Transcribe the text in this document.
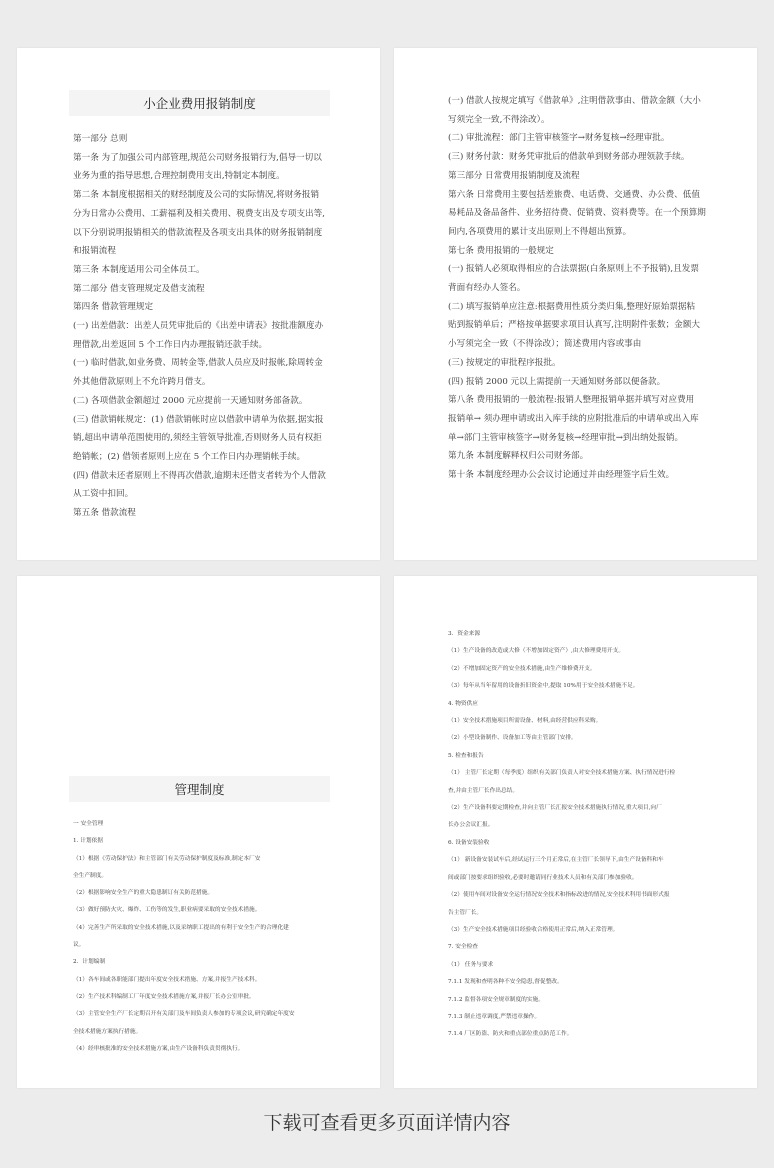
小企业费用报销制度

第一部分 总则

第一条 为了加强公司内部管理,规范公司财务报销行为,倡导一切以

业务为重的指导思想,合理控制费用支出,特制定本制度。

第二条 本制度根据相关的财经制度及公司的实际情况,将财务报销

分为日常办公费用、工薪福利及相关费用、税费支出及专项支出等,

以下分别说明报销相关的借款流程及各项支出具体的财务报销制度

和报销流程

第三条 本制度适用公司全体员工。

第二部分 借支管理规定及借支流程

第四条 借款管理规定

(一) 出差借款：出差人员凭审批后的《出差申请表》按批准额度办

理借款,出差返回 5 个工作日内办理报销还款手续。

(一) 临时借款,如业务费、周转金等,借款人员应及时报帐,除周转金

外其他借款原则上不允许跨月借支。

(二) 各项借款金额超过 2000 元应提前一天通知财务部备款。

(三) 借款销帐规定：(1) 借款销帐时应以借款申请单为依据,据实报

销,超出申请单范围使用的,须经主管领导批准,否则财务人员有权拒

绝销帐；(2) 借领者原则上应在 5 个工作日内办理销帐手续。

(四) 借款未还者原则上不得再次借款,逾期未还借支者转为个人借款

从工资中扣回。

第五条 借款流程

(一) 借款人按规定填写《借款单》,注明借款事由、借款金额（大小

写须完全一致,不得涂改）。

(二) 审批流程：部门主管审核签字→财务复核→经理审批。

(三) 财务付款：财务凭审批后的借款单到财务部办理领款手续。

第三部分 日常费用报销制度及流程

第六条 日常费用主要包括差旅费、电话费、交通费、办公费、低值

易耗品及备品备件、业务招待费、促销费、资料费等。在一个预算期

间内,各项费用的累计支出原则上不得超出预算。

第七条 费用报销的一般规定

(一) 报销人必须取得相应的合法票据(白条原则上不予报销),且发票

背面有经办人签名。

(二) 填写报销单应注意:根据费用性质分类归集,整理好原始票据粘

贴到报销单后；严格按单据要求项目认真写,注明附件张数；金额大

小写须完全一致（不得涂改）；简述费用内容或事由

(三) 按规定的审批程序报批。

(四) 报销 2000 元以上需提前一天通知财务部以便备款。

第八条 费用报销的一般流程:报销人整理报销单据并填写对应费用

报销单→ 须办理申请或出入库手续的应附批准后的申请单或出入库

单→部门主管审核签字→财务复核→经理审批→到出纳处报销。

第九条 本制度解释权归公司财务部。

第十条 本制度经理办公会议讨论通过并由经理签字后生效。

管理制度

一 安全管理

1. 计划依据

（1）根据《劳动保护法》和主管部门有关劳动保护制度及标准,制定本厂安

全生产制度。

（2）根据影响安全生产的重大隐患制订有关防范措施。

（3）做好预防火灾、爆炸、工伤等的发生,职业病要采取的安全技术措施。

（4）完善生产所采取的安全技术措施,以及采纳职工提出的有利于安全生产的合理化建

议。

2．计划编制

（1）各车间或各职能部门提出年度安全技术措施、方案,并报生产技术科。

（2）生产技术科编制工厂年度安全技术措施方案,并报厂长办公室审批。

（3）主管安全生产厂长定期召开有关部门及车间负责人参加的专项会议,研究确定年度安

全技术措施方案执行措施。

（4）经审核批准的安全技术措施方案,由生产设备科负责贯彻执行。

3．资金来源

（1）生产设备的改造或大修（不增加固定资产）,由大修理费用开支。

（2）不增加固定资产的安全技术措施,由生产维修费开支。

（3）每年从当年留用的设备折旧资金中,提取 10%用于安全技术措施不足。

4. 物资供应

（1）安全技术措施项目所需设备、材料,由经营供应科采购。

（2）小型设备制作、设备加工等由主管部门安排。

5. 检查和报告

（1） 主管厂长定期（每季度）组织有关部门负责人对安全技术措施方案、执行情况进行检

查,并由主管厂长作出总结。

（2）生产设备科要定期检查,并向主管厂长汇报安全技术措施执行情况,重大项目,向厂

长办公会议汇报。

6. 设备安装验收

（1） 新设备安装试车后,经试运行三个月正常后,在主管厂长领导下,由生产设备科和车

间或部门按要求组织验收,必要时邀请同行业技术人员和有关部门参加验收。

（2）使用车间对设备安全运行情况安全技术和指标改进的情况,安全技术科用书面形式报

告主管厂长。

（3）生产安全技术措施项目经验收合格使用正常后,纳入正常管理。

7. 安全检查

（1） 任务与要求

7.1.1 发现和查明各种不安全隐患,督促整改。

7.1.2 监督各项安全规章制度的实施。

7.1.3 制止违章调度,严禁违章操作。

7.1.4 厂区防盗、防火和重点部位重点防范工作。

下载可查看更多页面详情内容
